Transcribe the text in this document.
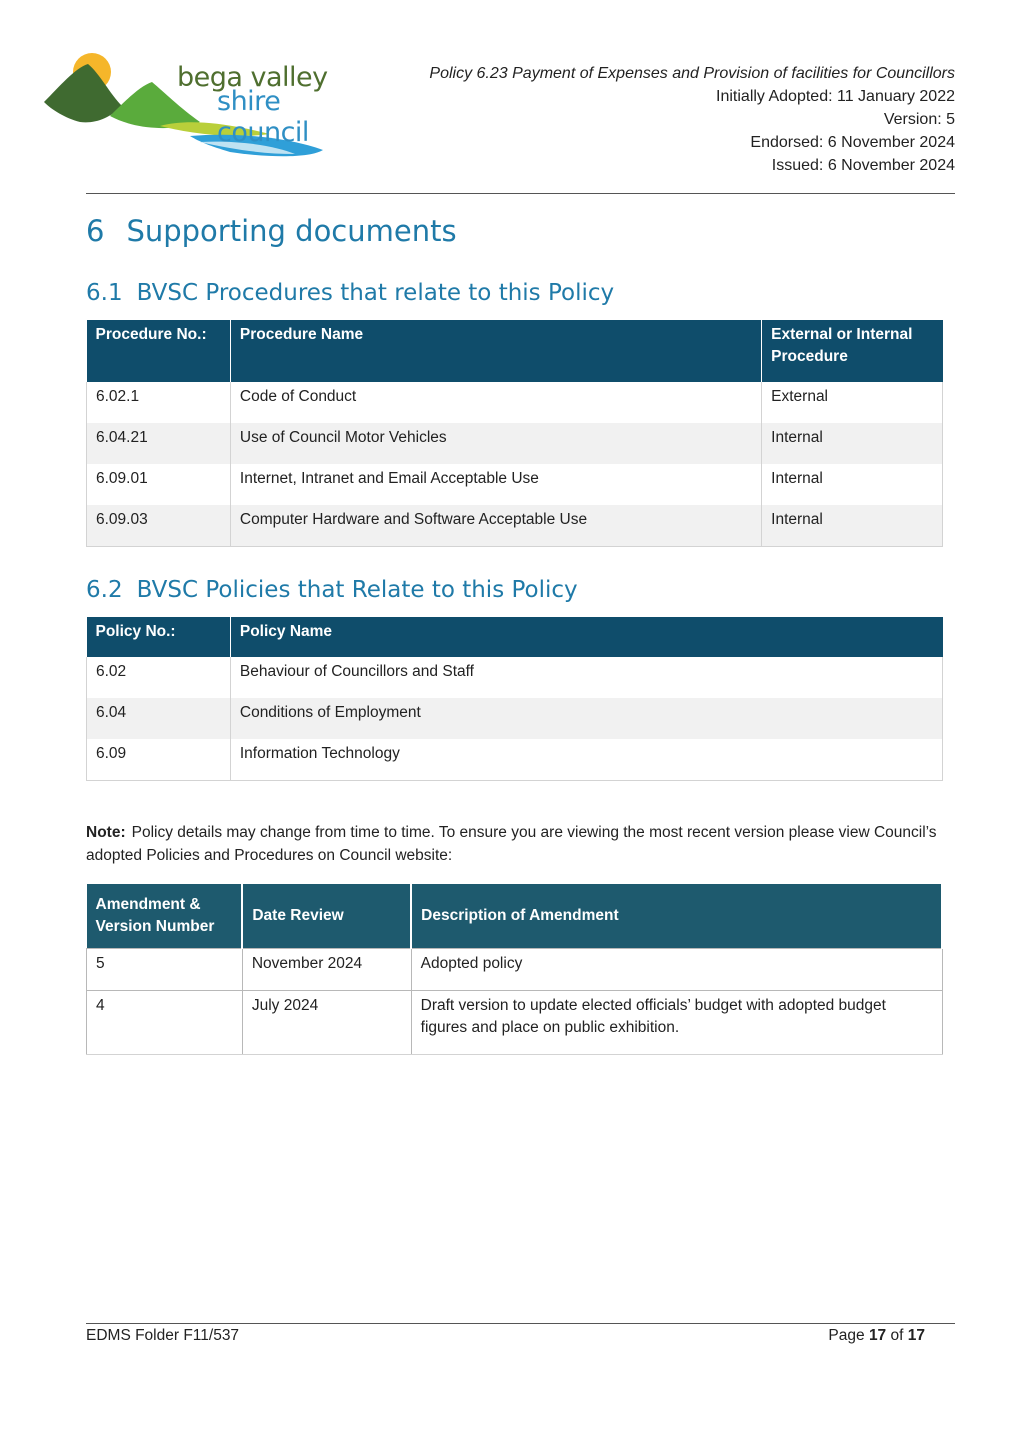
bega valley
shire council
Policy 6.23 Payment of Expenses and Provision of facilities for Councillors
Initially Adopted: 11 January 2022
Version: 5
Endorsed: 6 November 2024
Issued: 6 November 2024
6 Supporting documents
6.1 BVSC Procedures that relate to this Policy
Procedure No.:	Procedure Name	External or Internal Procedure
6.02.1	Code of Conduct	External
6.04.21	Use of Council Motor Vehicles	Internal
6.09.01	Internet, Intranet and Email Acceptable Use	Internal
6.09.03	Computer Hardware and Software Acceptable Use	Internal
6.2 BVSC Policies that Relate to this Policy
Policy No.:	Policy Name
6.02	Behaviour of Councillors and Staff
6.04	Conditions of Employment
6.09	Information Technology

Note: Policy details may change from time to time. To ensure you are viewing the most recent version please view Council’s adopted Policies and Procedures on Council website:

Amendment & Version Number	Date Review	Description of Amendment
5	November 2024	Adopted policy
4	July 2024	Draft version to update elected officials’ budget with adopted budget figures and place on public exhibition.
EDMS Folder F11/537	Page 17 of 17
